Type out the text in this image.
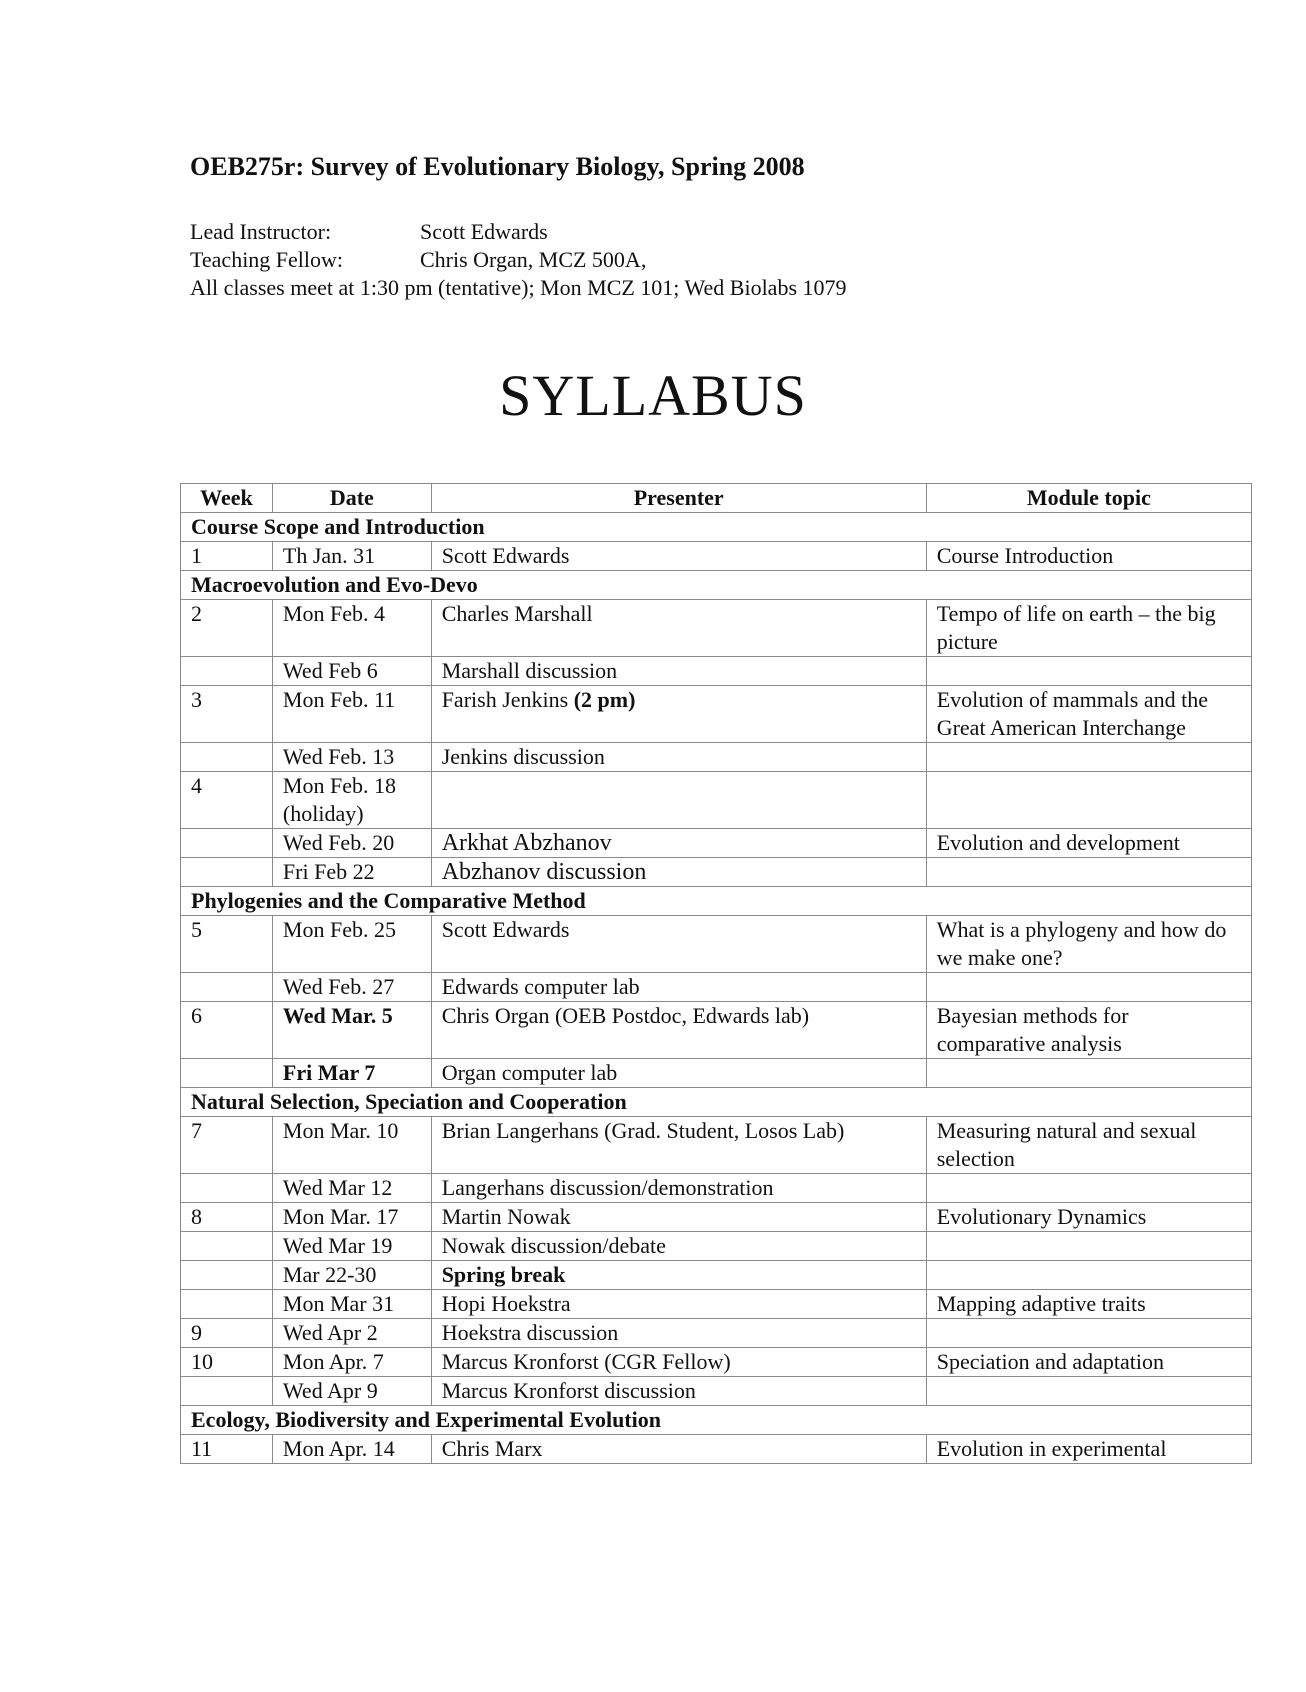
OEB275r: Survey of Evolutionary Biology, Spring 2008
Lead Instructor:	Scott Edwards
Teaching Fellow:	Chris Organ, MCZ 500A,
All classes meet at 1:30 pm (tentative); Mon MCZ 101; Wed Biolabs 1079
SYLLABUS
Week	Date	Presenter	Module topic
Course Scope and Introduction			
1	Th Jan. 31	Scott Edwards	Course Introduction
Macroevolution and Evo-Devo			
2	Mon Feb. 4	Charles Marshall	Tempo of life on earth – the big picture
	Wed Feb 6	Marshall discussion	
3	Mon Feb. 11	Farish Jenkins (2 pm)	Evolution of mammals and the Great American Interchange
	Wed Feb. 13	Jenkins discussion	
4	Mon Feb. 18 (holiday)		
	Wed Feb. 20	Arkhat Abzhanov	Evolution and development
	Fri Feb 22	Abzhanov discussion	
Phylogenies and the Comparative Method			
5	Mon Feb. 25	Scott Edwards	What is a phylogeny and how do we make one?
	Wed Feb. 27	Edwards computer lab	
6	Wed Mar. 5	Chris Organ (OEB Postdoc, Edwards lab)	Bayesian methods for comparative analysis
	Fri Mar 7	Organ computer lab	
Natural Selection, Speciation and Cooperation			
7	Mon Mar. 10	Brian Langerhans (Grad. Student, Losos Lab)	Measuring natural and sexual selection
	Wed Mar 12	Langerhans discussion/demonstration	
8	Mon Mar. 17	Martin Nowak	Evolutionary Dynamics
	Wed Mar 19	Nowak discussion/debate	
	Mar 22-30	Spring break	
	Mon Mar 31	Hopi Hoekstra	Mapping adaptive traits
9	Wed Apr 2	Hoekstra discussion	
10	Mon Apr. 7	Marcus Kronforst (CGR Fellow)	Speciation and adaptation
	Wed Apr 9	Marcus Kronforst discussion	
Ecology, Biodiversity and Experimental Evolution			
11	Mon Apr. 14	Chris Marx	Evolution in experimental
